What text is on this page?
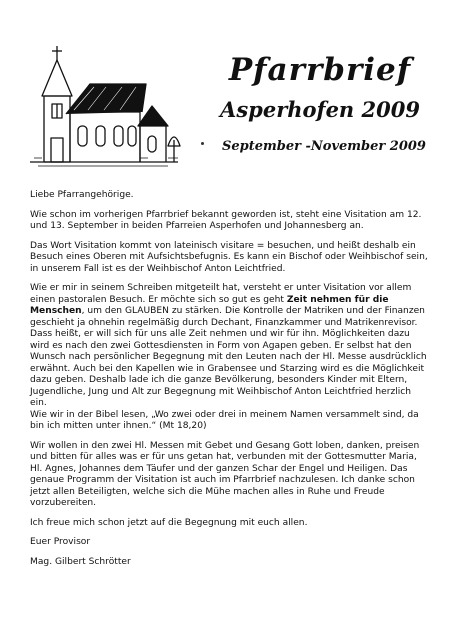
Pfarrbrief
Asperhofen 2009
September -November 2009

Liebe Pfarrangehörige.

Wie schon im vorherigen Pfarrbrief bekannt geworden ist, steht eine Visitation am 12. und 13. September in beiden Pfarreien Asperhofen und Johannesberg an.

Das Wort Visitation kommt von lateinisch visitare = besuchen, und heißt deshalb ein Besuch eines Oberen mit Aufsichtsbefugnis. Es kann ein Bischof oder Weihbischof sein, in unserem Fall ist es der Weihbischof Anton Leichtfried.

Wie er mir in seinem Schreiben mitgeteilt hat, versteht er unter Visitation vor allem einen pastoralen Besuch. Er möchte sich so gut es geht Zeit nehmen für die Menschen, um den GLAUBEN zu stärken. Die Kontrolle der Matriken und der Finanzen geschieht ja ohnehin regelmäßig durch Dechant, Finanzkammer und Matrikenrevisor.

Dass heißt, er will sich für uns alle Zeit nehmen und wir für ihn. Möglichkeiten dazu wird es nach den zwei Gottesdiensten in Form von Agapen geben. Er selbst hat den Wunsch nach persönlicher Begegnung mit den Leuten nach der Hl. Messe ausdrücklich erwähnt. Auch bei den Kapellen wie in Grabensee und Starzing wird es die Möglichkeit dazu geben. Deshalb lade ich die ganze Bevölkerung, besonders Kinder mit Eltern, Jugendliche, Jung und Alt zur Begegnung mit Weihbischof Anton Leichtfried herzlich ein.

Wie wir in der Bibel lesen, „Wo zwei oder drei in meinem Namen versammelt sind, da bin ich mitten unter ihnen.“ (Mt 18,20)

Wir wollen in den zwei Hl. Messen mit Gebet und Gesang Gott loben, danken, preisen und bitten für alles was er für uns getan hat, verbunden mit der Gottesmutter Maria, Hl. Agnes, Johannes dem Täufer und der ganzen Schar der Engel und Heiligen. Das genaue Programm der Visitation ist auch im Pfarrbrief nachzulesen. Ich danke schon jetzt allen Beteiligten, welche sich die Mühe machen alles in Ruhe und Freude vorzubereiten.

Ich freue mich schon jetzt auf die Begegnung mit euch allen.

Euer Provisor

Mag. Gilbert Schrötter
